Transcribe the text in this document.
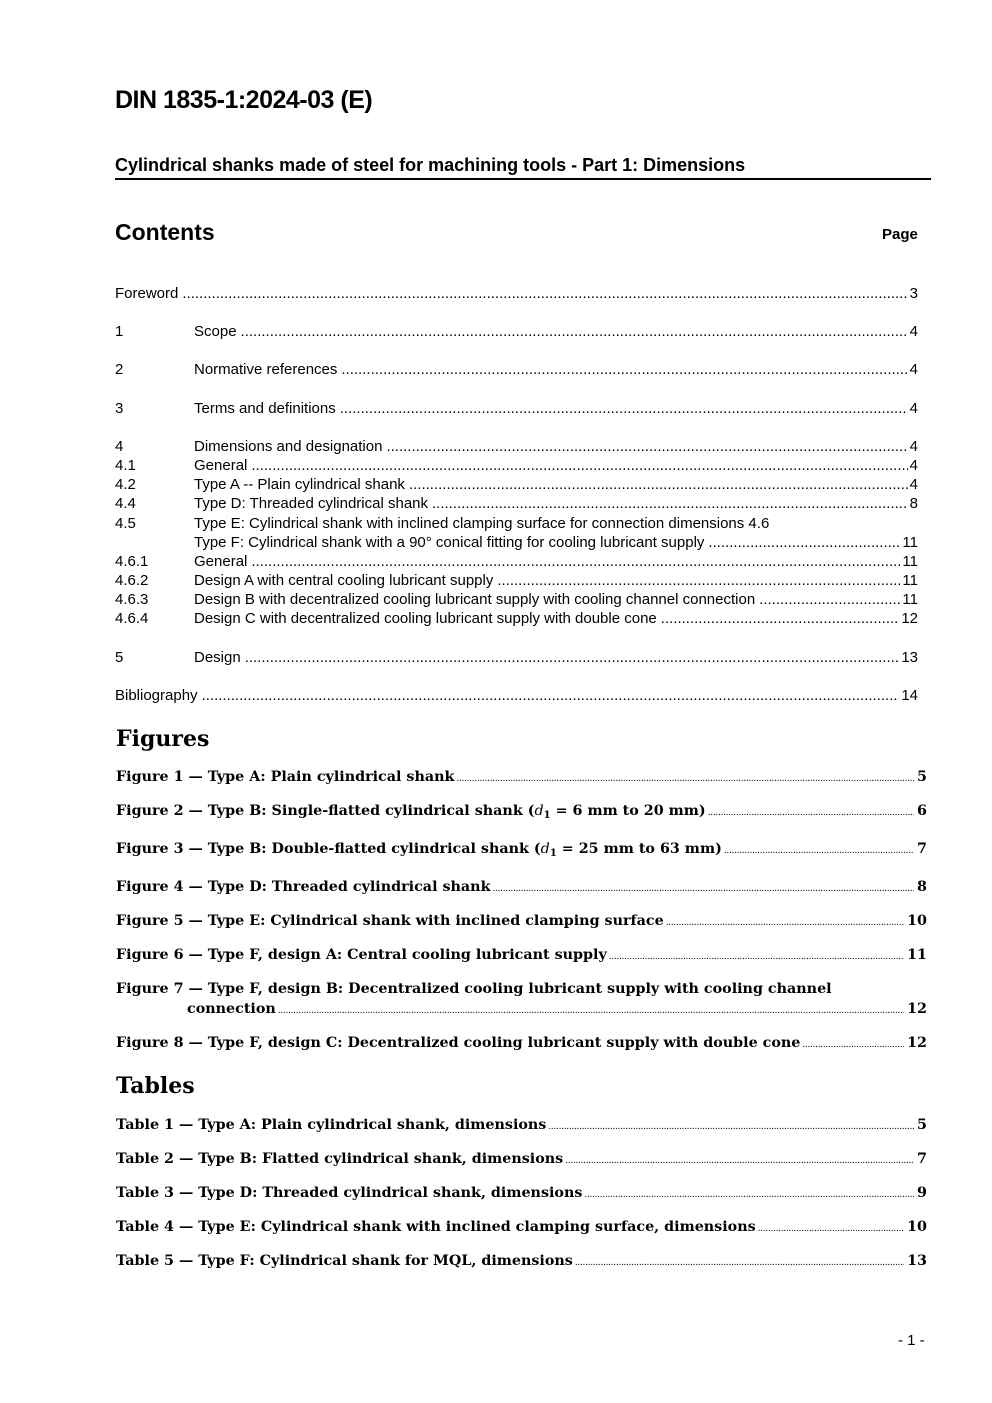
DIN 1835-1:2024-03 (E)
Cylindrical shanks made of steel for machining tools - Part 1: Dimensions
Contents	Page
Foreword .....	3
1	Scope .....	4
2	Normative references .....	4
3	Terms and definitions .....	4
4	Dimensions and designation .....	4
4.1	General .....	4
4.2	Type A -- Plain cylindrical shank .....	4
4.4	Type D: Threaded cylindrical shank .....	8
4.5	Type E: Cylindrical shank with inclined clamping surface for connection dimensions 4.6
Type F: Cylindrical shank with a 90° conical fitting for cooling lubricant supply .....	11
4.6.1	General .....	11
4.6.2	Design A with central cooling lubricant supply .....	11
4.6.3	Design B with decentralized cooling lubricant supply with cooling channel connection .....	11
4.6.4	Design C with decentralized cooling lubricant supply with double cone .....	12
5	Design .....	13
Bibliography .....	14
Figures
Figure 1 — Type A: Plain cylindrical shank .....	5
Figure 2 — Type B: Single-flatted cylindrical shank ($d_1 = 6$ mm to 20 mm) .....	6
Figure 3 — Type B: Double-flatted cylindrical shank ($d_1 = 25$ mm to 63 mm) .....	7
Figure 4 — Type D: Threaded cylindrical shank .....	8
Figure 5 — Type E: Cylindrical shank with inclined clamping surface .....	10
Figure 6 — Type F, design A: Central cooling lubricant supply .....	11
Figure 7 — Type F, design B: Decentralized cooling lubricant supply with cooling channel
connection .....	12
Figure 8 — Type F, design C: Decentralized cooling lubricant supply with double cone .....	12
Tables
Table 1 — Type A: Plain cylindrical shank, dimensions .....	5
Table 2 — Type B: Flatted cylindrical shank, dimensions .....	7
Table 3 — Type D: Threaded cylindrical shank, dimensions .....	9
Table 4 — Type E: Cylindrical shank with inclined clamping surface, dimensions .....	10
Table 5 — Type F: Cylindrical shank for MQL, dimensions .....	13
- 1 -
